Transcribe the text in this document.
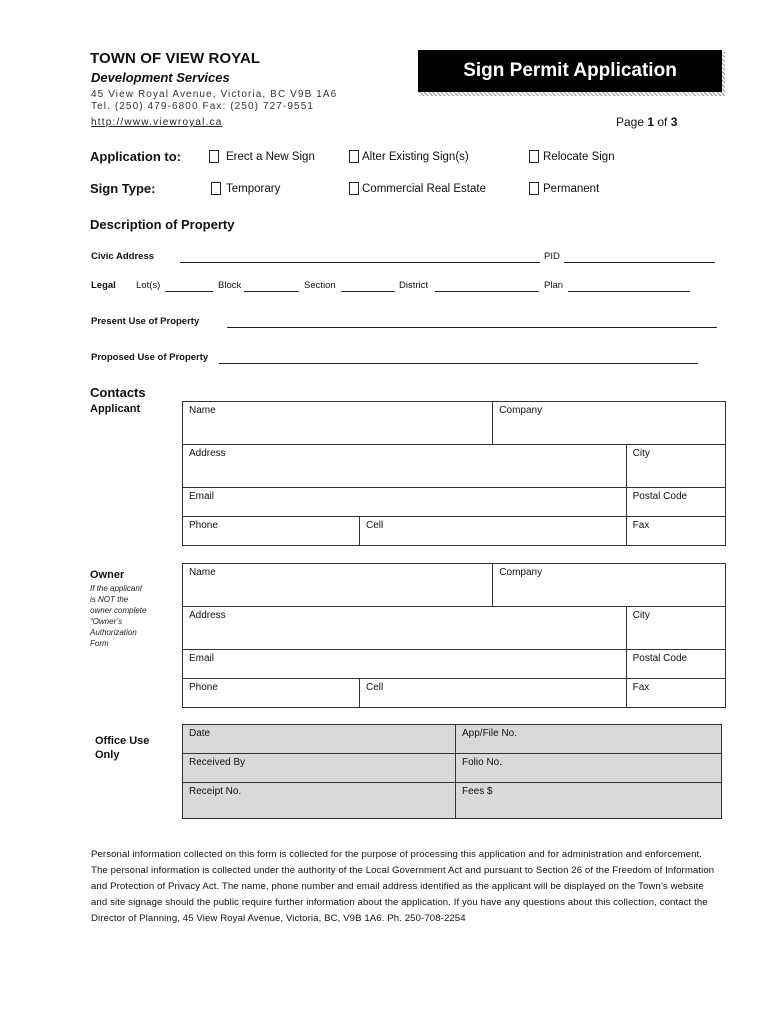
TOWN OF VIEW ROYAL
Development Services
45 View Royal Avenue, Victoria, BC V9B 1A6
Tel. (250) 479-6800 Fax: (250) 727-9551
http://www.viewroyal.ca
Sign Permit Application
Page 1 of 3
Application to:	Erect a New Sign	Alter Existing Sign(s)	Relocate Sign
Sign Type:	Temporary	Commercial Real Estate	Permanent
Description of Property
Civic Address	PID
Legal Lot(s)	Block	Section	District	Plan
Present Use of Property
Proposed Use of Property
Contacts
Applicant	Name		Company	
Address			City
Email			Postal Code
Phone	Cell		Fax
Owner
If the applicant
is NOT the
owner complete
“Owner’s
Authorization
Form
Name		Company	
Address			City
Email			Postal Code
Phone	Cell		Fax
Office Use
Only
Date	App/File No.
Received By	Folio No.
Receipt No.	Fees $
Personal information collected on this form is collected for the purpose of processing this application and for administration and enforcement. The personal information is collected under the authority of the Local Government Act and pursuant to Section 26 of the Freedom of Information and Protection of Privacy Act. The name, phone number and email address identified as the applicant will be displayed on the Town’s website and site signage should the public require further information about the application. If you have any questions about this collection, contact the Director of Planning, 45 View Royal Avenue, Victoria, BC, V9B 1A6. Ph. 250-708-2254
